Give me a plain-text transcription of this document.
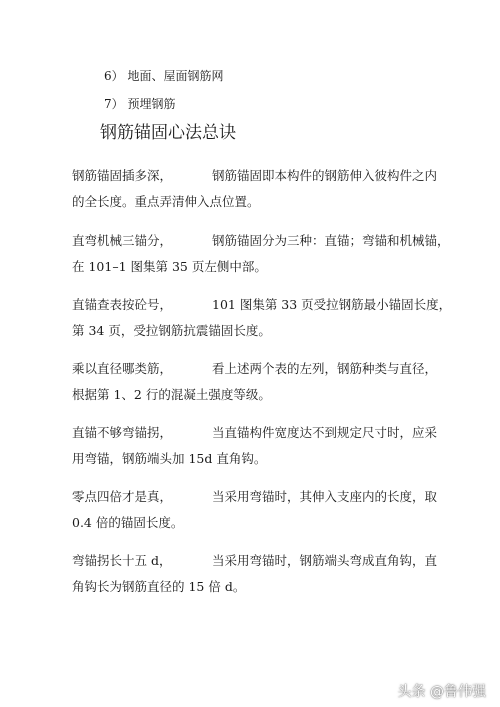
6） 地面、屋面钢筋网
7） 预埋钢筋
钢筋锚固心法总诀
钢筋锚固插多深，	钢筋锚固即本构件的钢筋伸入彼构件之内
的全长度。重点弄清伸入点位置。
直弯机械三锚分，	钢筋锚固分为三种：直锚；弯锚和机械锚，
在 101–1 图集第 35 页左侧中部。
直锚查表按砼号，	101 图集第 33 页受拉钢筋最小锚固长度，
第 34 页，受拉钢筋抗震锚固长度。
乘以直径哪类筋，	看上述两个表的左列，钢筋种类与直径，
根据第 1、2 行的混凝土强度等级。
直锚不够弯锚拐，	当直锚构件宽度达不到规定尺寸时，应采
用弯锚，钢筋端头加 15d 直角钩。
零点四倍才是真，	当采用弯锚时，其伸入支座内的长度，取
0.4 倍的锚固长度。
弯锚拐长十五 d，	当采用弯锚时，钢筋端头弯成直角钩，直
角钩长为钢筋直径的 15 倍 d。
头条 @鲁伟强
